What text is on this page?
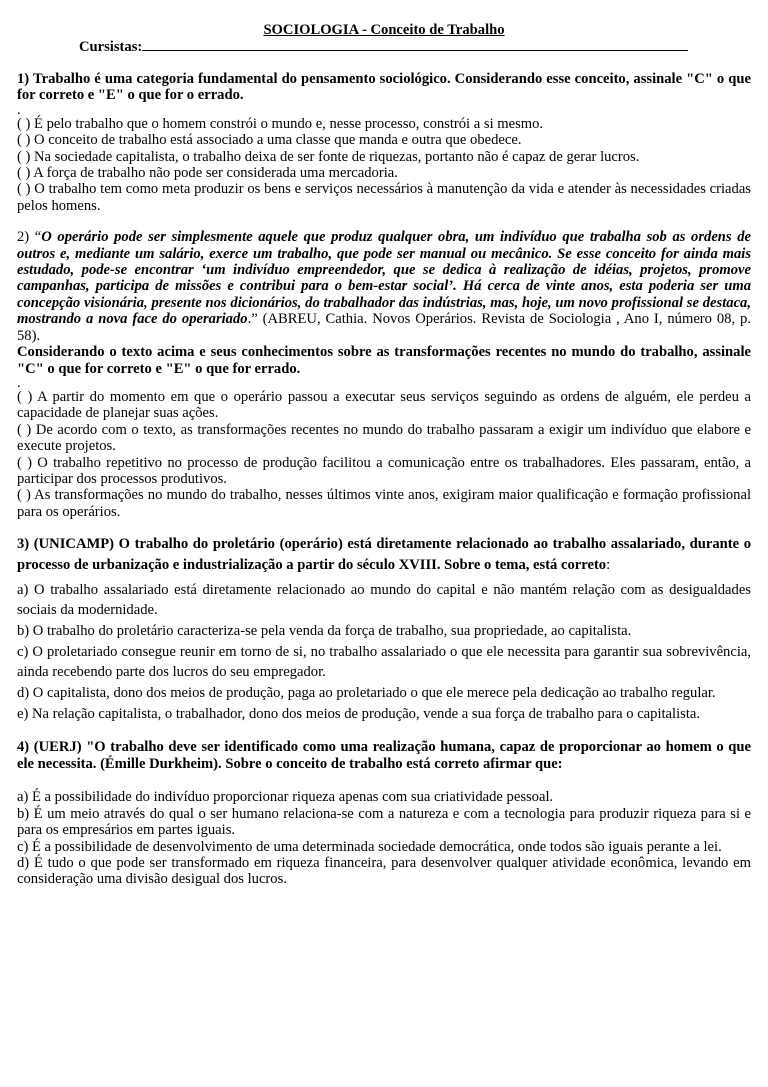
SOCIOLOGIA - Conceito de Trabalho
Cursistas:
1) Trabalho é uma categoria fundamental do pensamento sociológico. Considerando esse conceito, assinale "C" o que for correto e "E" o que for o errado.
.
( ) É pelo trabalho que o homem constrói o mundo e, nesse processo, constrói a si mesmo.
( ) O conceito de trabalho está associado a uma classe que manda e outra que obedece.
( ) Na sociedade capitalista, o trabalho deixa de ser fonte de riquezas, portanto não é capaz de gerar lucros.
( ) A força de trabalho não pode ser considerada uma mercadoria.
( ) O trabalho tem como meta produzir os bens e serviços necessários à manutenção da vida e atender às necessidades criadas pelos homens.
2) “O operário pode ser simplesmente aquele que produz qualquer obra, um indivíduo que trabalha sob as ordens de outros e, mediante um salário, exerce um trabalho, que pode ser manual ou mecânico. Se esse conceito for ainda mais estudado, pode-se encontrar ‘um indivíduo empreendedor, que se dedica à realização de idéias, projetos, promove campanhas, participa de missões e contribui para o bem-estar social’. Há cerca de vinte anos, esta poderia ser uma concepção visionária, presente nos dicionários, do trabalhador das indústrias, mas, hoje, um novo profissional se destaca, mostrando a nova face do operariado.” (ABREU, Cathia. Novos Operários. Revista de Sociologia , Ano I, número 08, p. 58).
Considerando o texto acima e seus conhecimentos sobre as transformações recentes no mundo do trabalho, assinale "C" o que for correto e "E" o que for errado.
.
( ) A partir do momento em que o operário passou a executar seus serviços seguindo as ordens de alguém, ele perdeu a capacidade de planejar suas ações.
( ) De acordo com o texto, as transformações recentes no mundo do trabalho passaram a exigir um indivíduo que elabore e execute projetos.
( ) O trabalho repetitivo no processo de produção facilitou a comunicação entre os trabalhadores. Eles passaram, então, a participar dos processos produtivos.
( ) As transformações no mundo do trabalho, nesses últimos vinte anos, exigiram maior qualificação e formação profissional para os operários.
3) (UNICAMP) O trabalho do proletário (operário) está diretamente relacionado ao trabalho assalariado, durante o processo de urbanização e industrialização a partir do século XVIII. Sobre o tema, está correto:
a) O trabalho assalariado está diretamente relacionado ao mundo do capital e não mantém relação com as desigualdades sociais da modernidade.
b) O trabalho do proletário caracteriza-se pela venda da força de trabalho, sua propriedade, ao capitalista.
c) O proletariado consegue reunir em torno de si, no trabalho assalariado o que ele necessita para garantir sua sobrevivência, ainda recebendo parte dos lucros do seu empregador.
d) O capitalista, dono dos meios de produção, paga ao proletariado o que ele merece pela dedicação ao trabalho regular.
e) Na relação capitalista, o trabalhador, dono dos meios de produção, vende a sua força de trabalho para o capitalista.
4) (UERJ) "O trabalho deve ser identificado como uma realização humana, capaz de proporcionar ao homem o que ele necessita. (Émille Durkheim). Sobre o conceito de trabalho está correto afirmar que:
a) É a possibilidade do indivíduo proporcionar riqueza apenas com sua criatividade pessoal.
b) É um meio através do qual o ser humano relaciona-se com a natureza e com a tecnologia para produzir riqueza para si e para os empresários em partes iguais.
c) É a possibilidade de desenvolvimento de uma determinada sociedade democrática, onde todos são iguais perante a lei.
d) É tudo o que pode ser transformado em riqueza financeira, para desenvolver qualquer atividade econômica, levando em consideração uma divisão desigual dos lucros.
